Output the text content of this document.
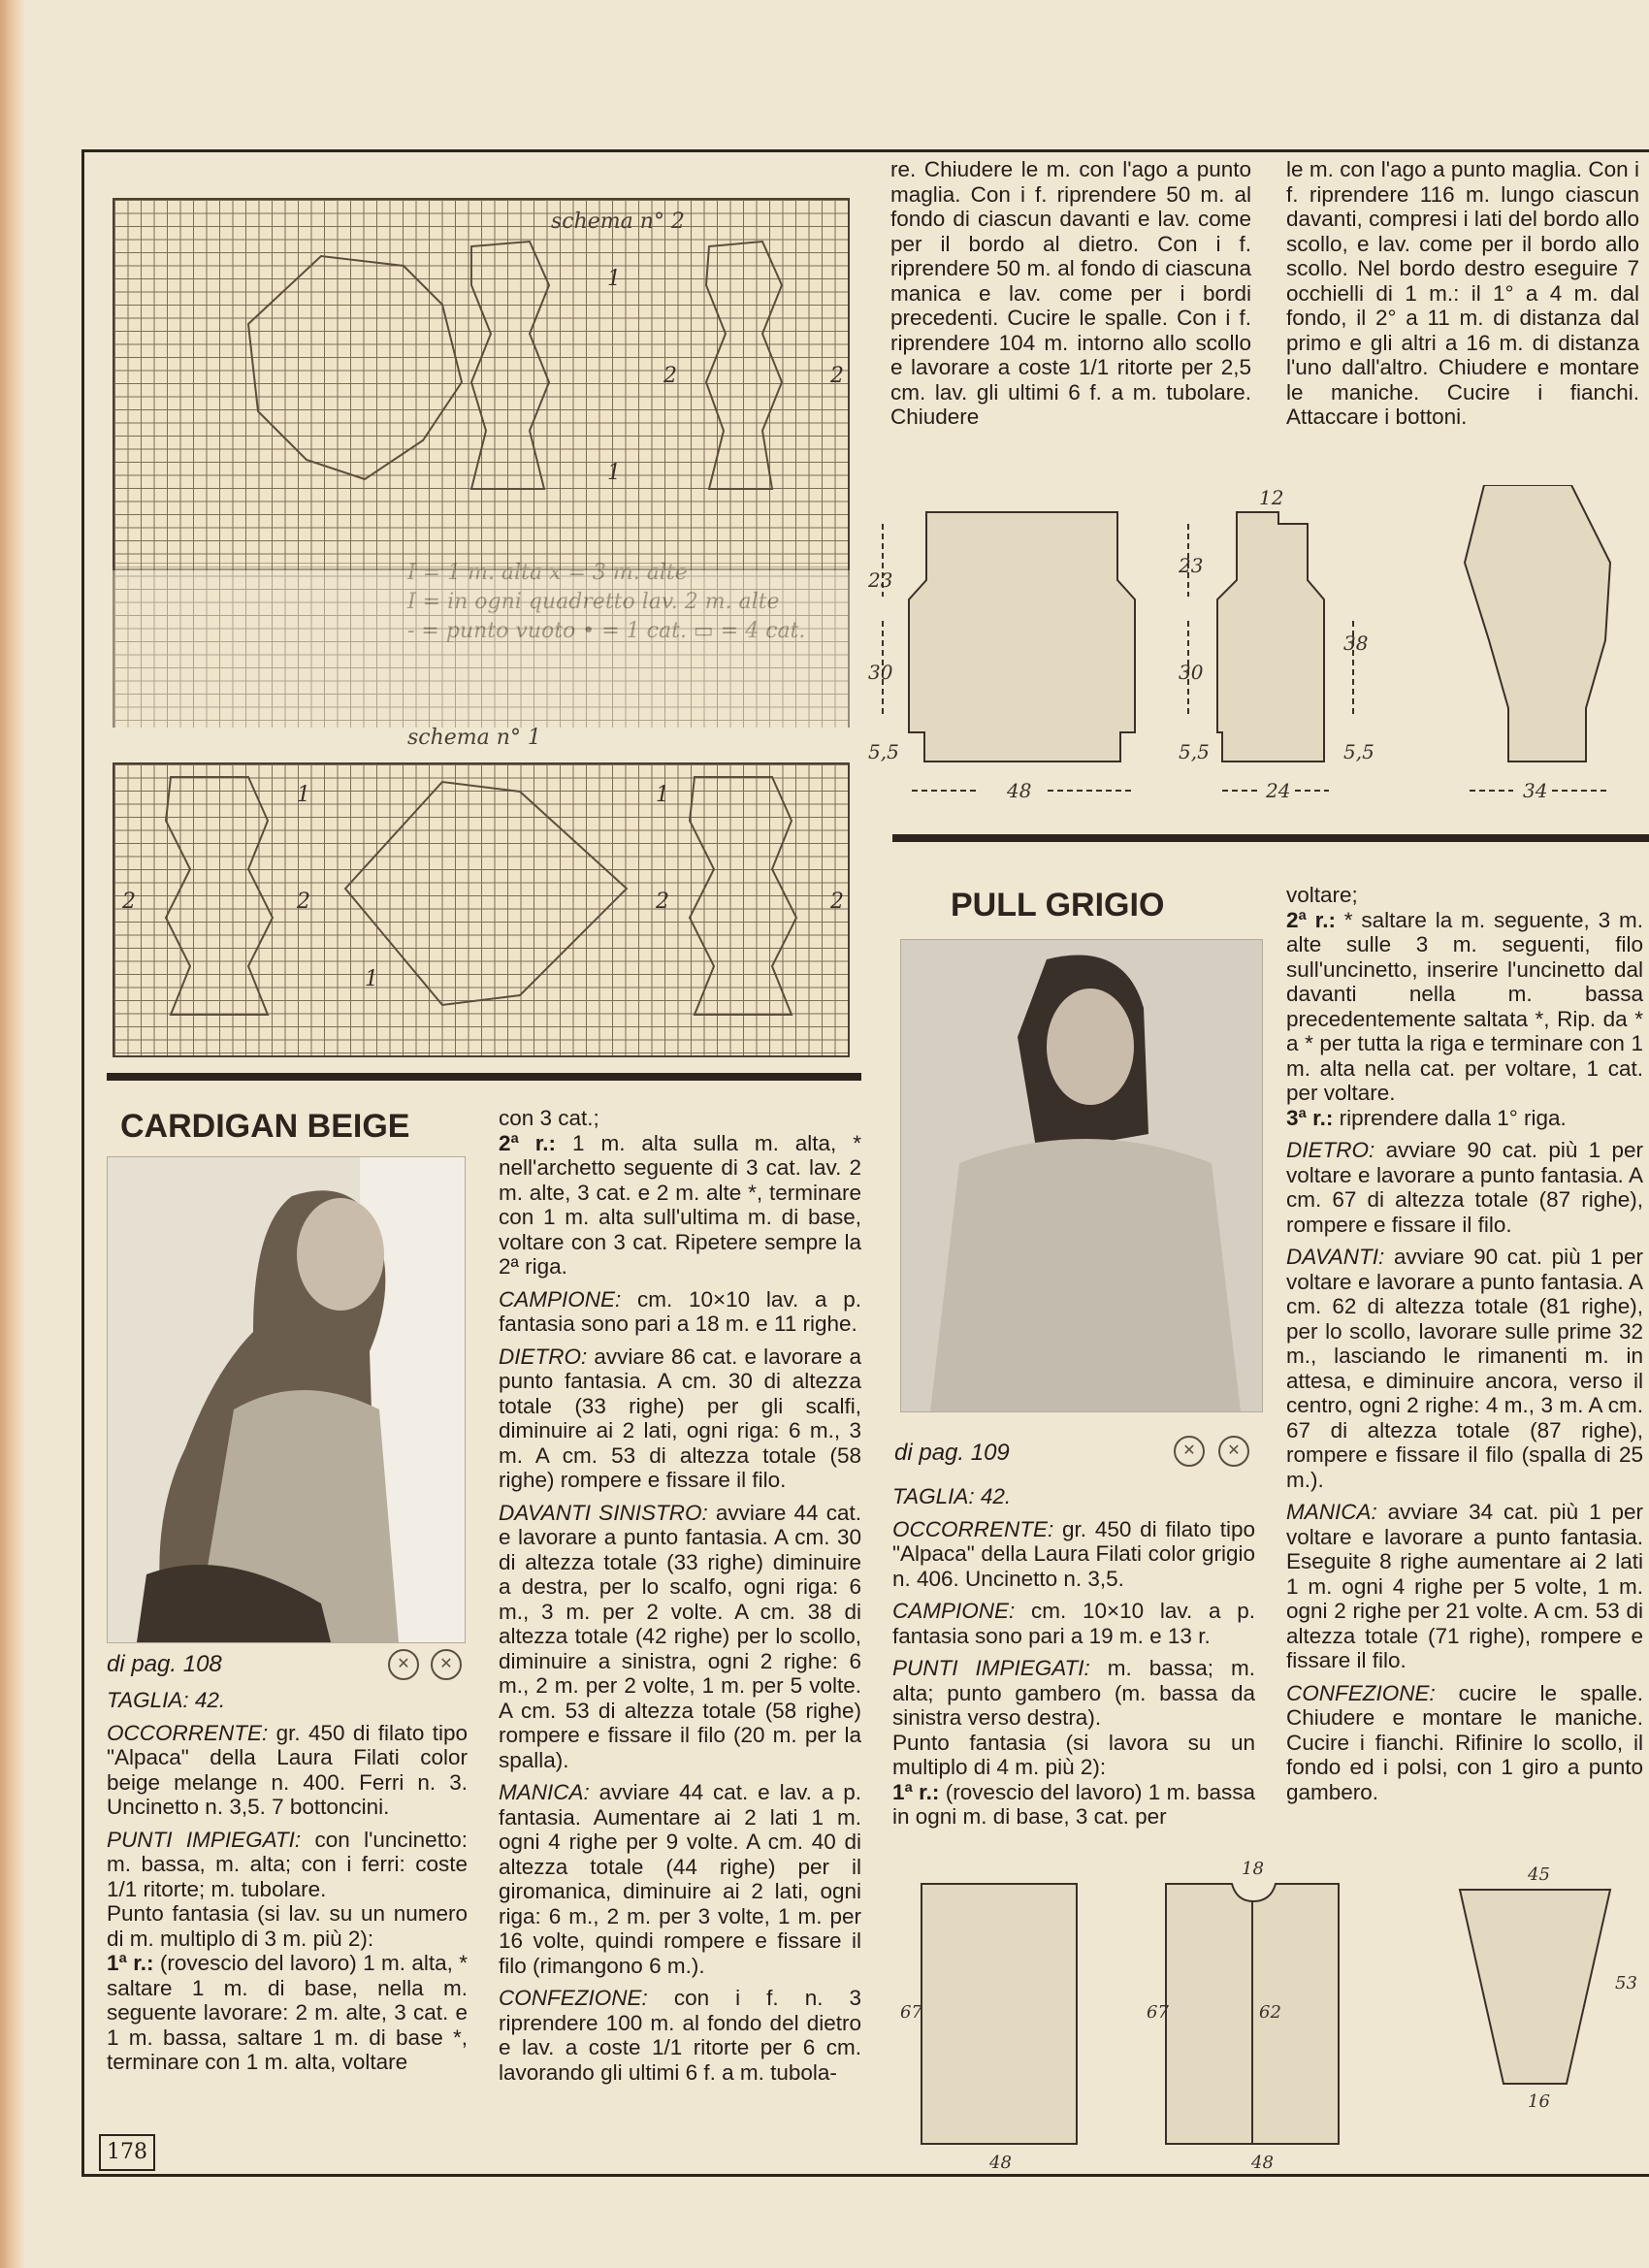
schema n° 2
1
1
2	2
schema n° 1
2
1
2
1
2
1
2

re. Chiudere le m. con l'ago a punto maglia. Con i f. riprendere 50 m. al fondo di ciascun davanti e lav. come per il bordo al dietro. Con i f. riprendere 50 m. al fondo di ciascuna manica e lav. come per i bordi precedenti. Cucire le spalle. Con i f. riprendere 104 m. intorno allo scollo e lavorare a coste 1/1 ritorte per 2,5 cm. lav. gli ultimi 6 f. a m. tubolare. Chiudere

le m. con l'ago a punto maglia. Con i f. riprendere 116 m. lungo ciascun davanti, compresi i lati del bordo allo scollo, e lav. come per il bordo allo scollo. Nel bordo destro eseguire 7 occhielli di 1 m.: il 1° a 4 m. dal fondo, il 2° a 11 m. di distanza dal primo e gli altri a 16 m. di distanza l'uno dall'altro. Chiudere e montare le maniche. Cucire i fianchi. Attaccare i bottoni.

23
30
5,5
48
12
23
30
5,5
38
5,5
24	34
CARDIGAN BEIGE
di pag. 108	✕	✕

TAGLIA: 42.

OCCORRENTE: gr. 450 di filato tipo "Alpaca" della Laura Filati color beige melange n. 400. Ferri n. 3. Uncinetto n. 3,5. 7 bottoncini.

PUNTI IMPIEGATI: con l'uncinetto: m. bassa, m. alta; con i ferri: coste 1/1 ritorte; m. tubolare.
Punto fantasia (si lav. su un numero di m. multiplo di 3 m. più 2):
1ª r.: (rovescio del lavoro) 1 m. alta, * saltare 1 m. di base, nella m. seguente lavorare: 2 m. alte, 3 cat. e 1 m. bassa, saltare 1 m. di base *, terminare con 1 m. alta, voltare

con 3 cat.;
2ª r.: 1 m. alta sulla m. alta, * nell'archetto seguente di 3 cat. lav. 2 m. alte, 3 cat. e 2 m. alte *, terminare con 1 m. alta sull'ultima m. di base, voltare con 3 cat. Ripetere sempre la 2ª riga.

CAMPIONE: cm. 10×10 lav. a p. fantasia sono pari a 18 m. e 11 righe.

DIETRO: avviare 86 cat. e lavorare a punto fantasia. A cm. 30 di altezza totale (33 righe) per gli scalfi, diminuire ai 2 lati, ogni riga: 6 m., 3 m. A cm. 53 di altezza totale (58 righe) rompere e fissare il filo.

DAVANTI SINISTRO: avviare 44 cat. e lavorare a punto fantasia. A cm. 30 di altezza totale (33 righe) diminuire a destra, per lo scalfo, ogni riga: 6 m., 3 m. per 2 volte. A cm. 38 di altezza totale (42 righe) per lo scollo, diminuire a sinistra, ogni 2 righe: 6 m., 2 m. per 2 volte, 1 m. per 5 volte. A cm. 53 di altezza totale (58 righe) rompere e fissare il filo (20 m. per la spalla).

MANICA: avviare 44 cat. e lav. a p. fantasia. Aumentare ai 2 lati 1 m. ogni 4 righe per 9 volte. A cm. 40 di altezza totale (44 righe) per il giromanica, diminuire ai 2 lati, ogni riga: 6 m., 2 m. per 3 volte, 1 m. per 16 volte, quindi rompere e fissare il filo (rimangono 6 m.).

CONFEZIONE: con i f. n. 3 riprendere 100 m. al fondo del dietro e lav. a coste 1/1 ritorte per 6 cm. lavorando gli ultimi 6 f. a m. tubola-

PULL GRIGIO
di pag. 109	✕	✕

TAGLIA: 42.

OCCORRENTE: gr. 450 di filato tipo "Alpaca" della Laura Filati color grigio n. 406. Uncinetto n. 3,5.

CAMPIONE: cm. 10×10 lav. a p. fantasia sono pari a 19 m. e 13 r.

PUNTI IMPIEGATI: m. bassa; m. alta; punto gambero (m. bassa da sinistra verso destra).
Punto fantasia (si lavora su un multiplo di 4 m. più 2):
1ª r.: (rovescio del lavoro) 1 m. bassa in ogni m. di base, 3 cat. per

voltare;
2ª r.: * saltare la m. seguente, 3 m. alte sulle 3 m. seguenti, filo sull'uncinetto, inserire l'uncinetto dal davanti nella m. bassa precedentemente saltata *, Rip. da * a * per tutta la riga e terminare con 1 m. alta nella cat. per voltare, 1 cat. per voltare.
3ª r.: riprendere dalla 1° riga.

DIETRO: avviare 90 cat. più 1 per voltare e lavorare a punto fantasia. A cm. 67 di altezza totale (87 righe), rompere e fissare il filo.

DAVANTI: avviare 90 cat. più 1 per voltare e lavorare a punto fantasia. A cm. 62 di altezza totale (81 righe), per lo scollo, lavorare sulle prime 32 m., lasciando le rimanenti m. in attesa, e diminuire ancora, verso il centro, ogni 2 righe: 4 m., 3 m. A cm. 67 di altezza totale (87 righe), rompere e fissare il filo (spalla di 25 m.).

MANICA: avviare 34 cat. più 1 per voltare e lavorare a punto fantasia. Eseguite 8 righe aumentare ai 2 lati 1 m. ogni 4 righe per 5 volte, 1 m. ogni 2 righe per 21 volte. A cm. 53 di altezza totale (71 righe), rompere e fissare il filo.

CONFEZIONE: cucire le spalle. Chiudere e montare le maniche. Cucire i fianchi. Rifinire lo scollo, il fondo ed i polsi, con 1 giro a punto gambero.

67
48
18
67	62
48
45
53
16
178
